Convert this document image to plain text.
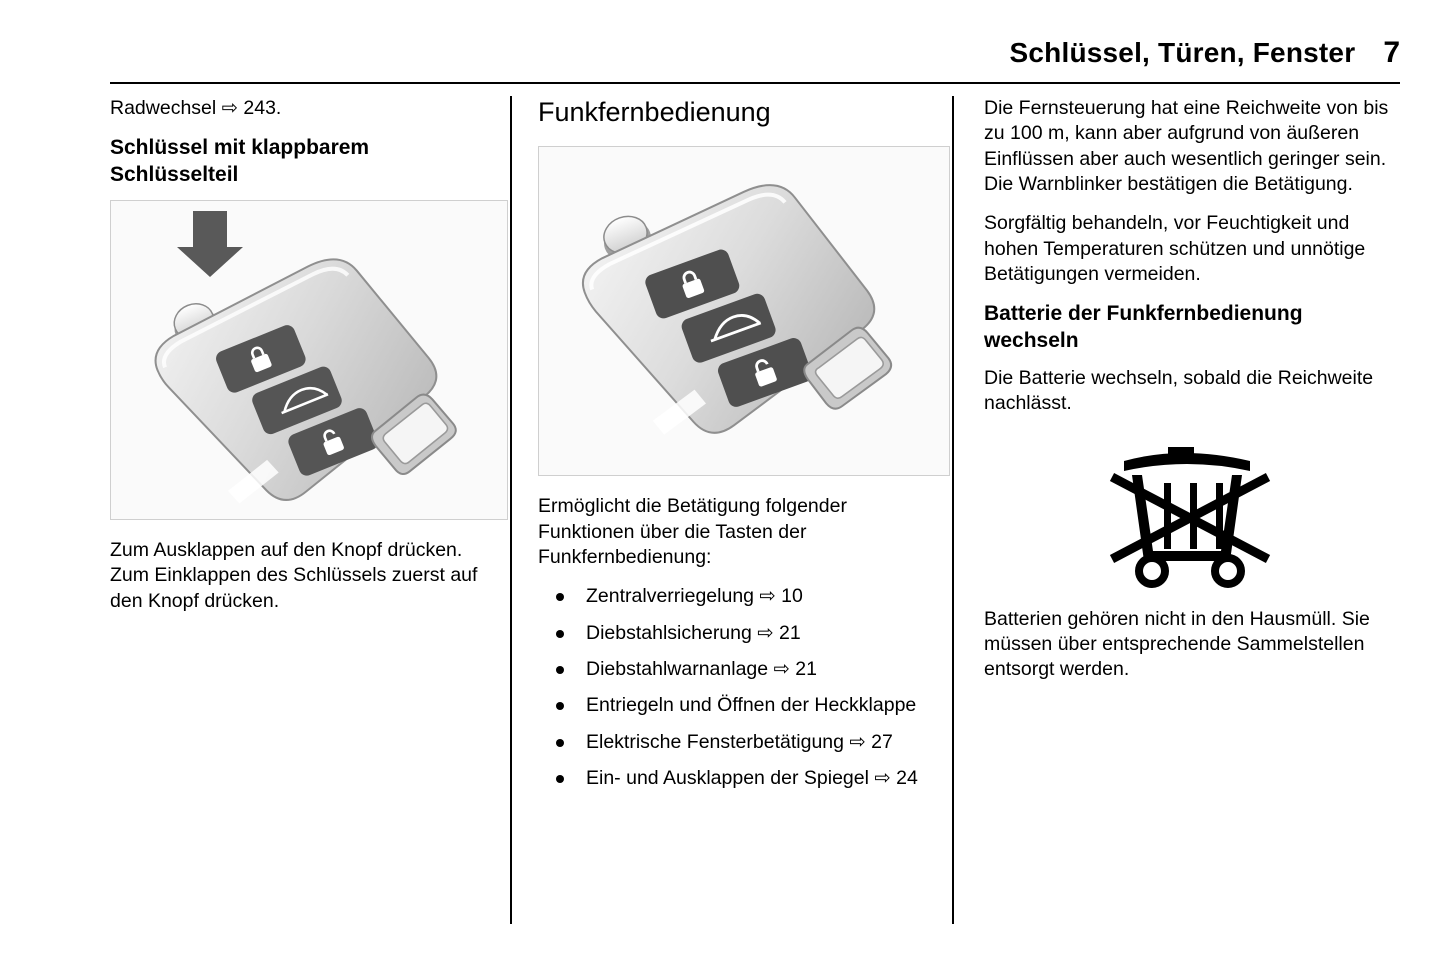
Schlüssel, Türen, Fenster 7

Radwechsel ⇨ 243.

Schlüssel mit klappbarem Schlüsselteil

Zum Ausklappen auf den Knopf drücken. Zum Einklappen des Schlüssels zuerst auf den Knopf drücken.

Funkfernbedienung

Ermöglicht die Betätigung folgender Funktionen über die Tasten der Funkfernbedienung:

Zentralverriegelung ⇨ 10
Diebstahlsicherung ⇨ 21
Diebstahlwarnanlage ⇨ 21
Entriegeln und Öffnen der Heckklappe
Elektrische Fensterbetätigung ⇨ 27
Ein- und Ausklappen der Spiegel ⇨ 24

Die Fernsteuerung hat eine Reichweite von bis zu 100 m, kann aber aufgrund von äußeren Einflüssen aber auch wesentlich geringer sein. Die Warnblinker bestätigen die Betätigung.

Sorgfältig behandeln, vor Feuchtigkeit und hohen Temperaturen schützen und unnötige Betätigungen vermeiden.

Batterie der Funkfernbedienung wechseln

Die Batterie wechseln, sobald die Reichweite nachlässt.

Batterien gehören nicht in den Hausmüll. Sie müssen über entsprechende Sammelstellen entsorgt werden.
